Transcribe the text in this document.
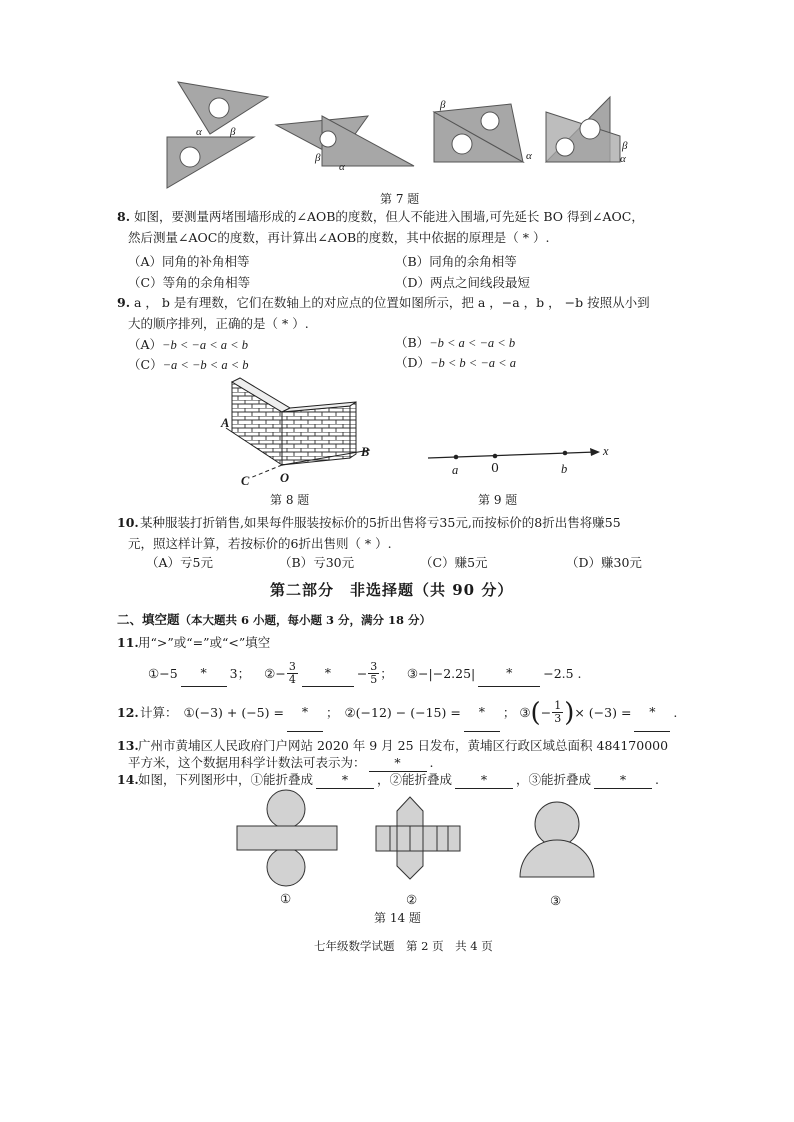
α	β
β
α
β
α
β
α
第 7 题
8. 如图，要测量两堵围墙形成的∠AOB的度数，但人不能进入围墙,可先延长 BO 得到∠AOC，
然后测量∠AOC的度数，再计算出∠AOB的度数，其中依据的原理是（ * ）.
（A）同角的补角相等	（B）同角的余角相等
（C）等角的余角相等	（D）两点之间线段最短
9. a ， b 是有理数，它们在数轴上的对应点的位置如图所示，把 a ，−a ，b ， −b 按照从小到
大的顺序排列，正确的是（ * ）.
（A）−b < −a < a < b	（B）−b < a < −a < b
（C）−a < −b < a < b	（D）−b < b < −a < a
A
B
C O
第 8 题
a	0	b
x
第 9 题
10. 某种服装打折销售,如果每件服装按标价的5折出售将亏35元,而按标价的8折出售将赚55
元，照这样计算，若按标价的6折出售则（ * ）.
（A）亏5元	（B）亏30元	（C）赚5元	（D）赚30元
第二部分　非选择题（共 90 分）
二、填空题（本大题共 6 小题，每小题 3 分，满分 18 分）
11. 用“>”或“=”或“<”填空
① −5	*	3； ② − $\frac{3}{4}$	*	− $\frac{3}{5}$ ； ③ −|−2.25|	*	−2.5 .
12. 计算： ①(−3) + (−5) =	*	； ②(−12) − (−15) =	*	； ③ ( − $\frac{1}{3}$ ) × (−3) =	*	.
13. 广州市黄埔区人民政府门户网站 2020 年 9 月 25 日发布，黄埔区行政区域总面积 484170000
平方米，这个数据用科学计数法可表示为： * .
14. 如图，下列图形中，①能折叠成 * ，②能折叠成 * ，③能折叠成 * .
①	②	③
第 14 题
七年级数学试题　第 2 页　共 4 页
